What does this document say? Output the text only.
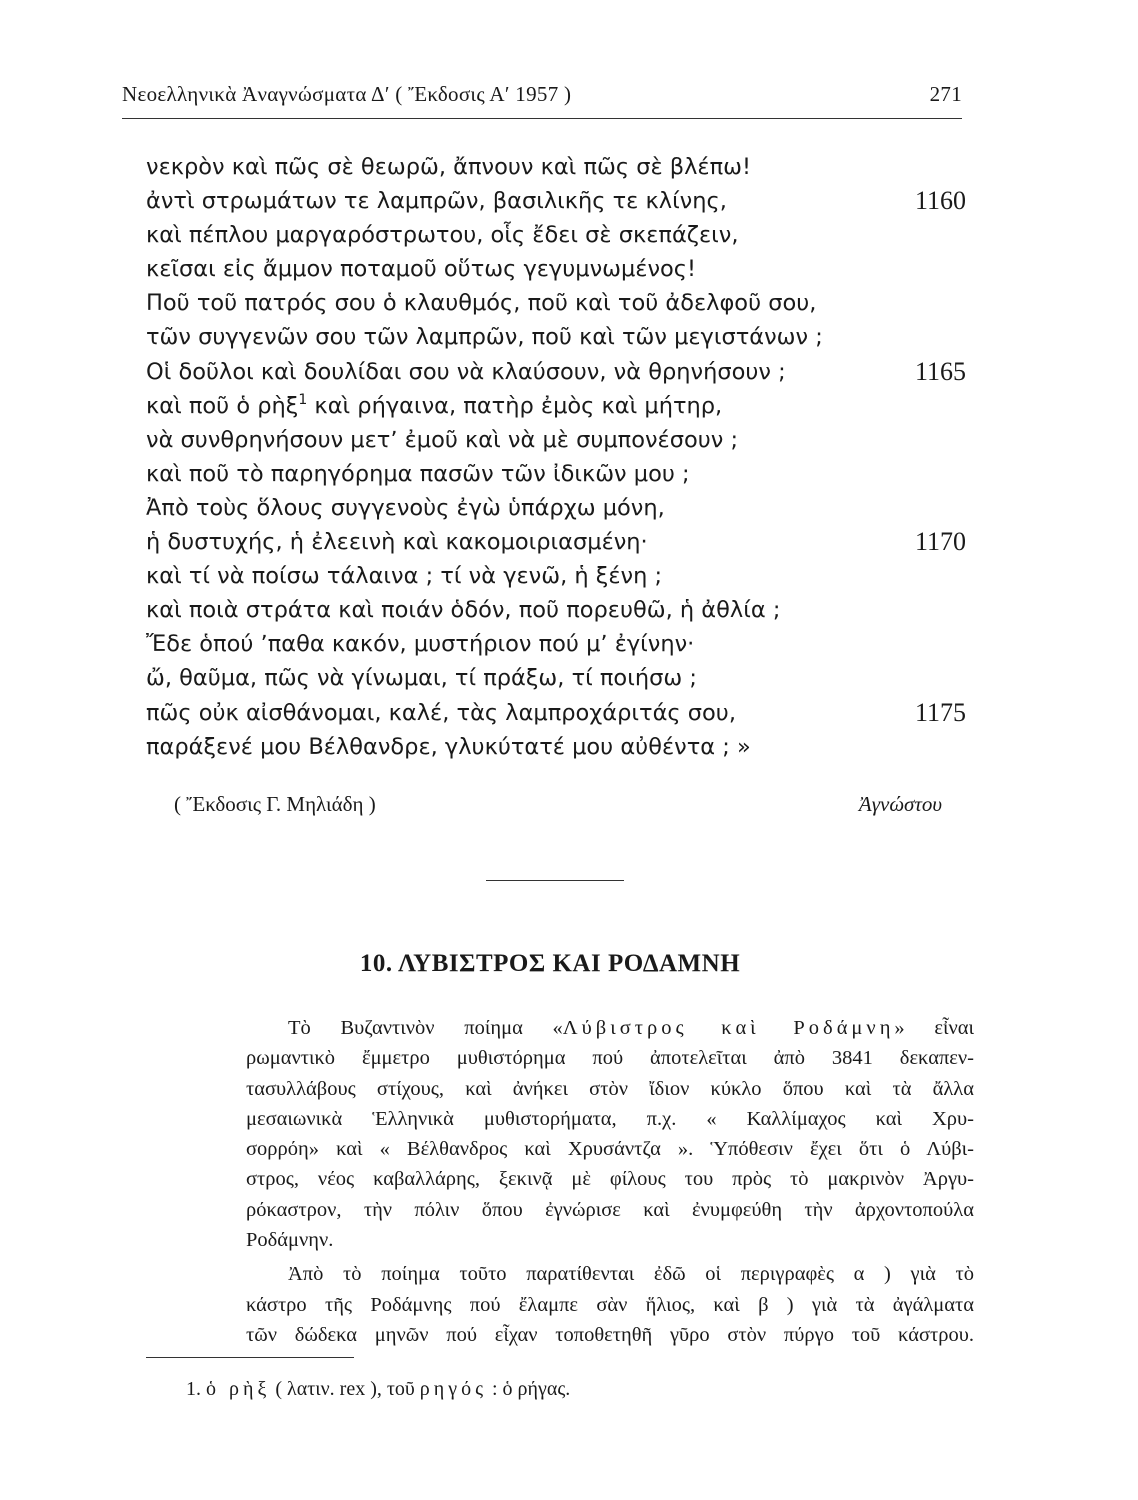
Νεοελληνικὰ Ἀναγνώσματα Δʹ ( Ἔκδοσις Αʹ 1957 )	271
νεκρὸν καὶ πῶς σὲ θεωρῶ, ἄπνουν καὶ πῶς σὲ βλέπω!
ἀντὶ στρωμάτων τε λαμπρῶν, βασιλικῆς τε κλίνης,	1160
καὶ πέπλου μαργαρόστρωτου, οἷς ἔδει σὲ σκεπάζειν,
κεῖσαι εἰς ἄμμον ποταμοῦ οὕτως γεγυμνωμένος!
Ποῦ τοῦ πατρός σου ὁ κλαυθμός, ποῦ καὶ τοῦ ἀδελφοῦ σου,
τῶν συγγενῶν σου τῶν λαμπρῶν, ποῦ καὶ τῶν μεγιστάνων ;
Οἱ δοῦλοι καὶ δουλίδαι σου νὰ κλαύσουν, νὰ θρηνήσουν ;	1165
καὶ ποῦ ὁ ρὴξ$^1$ καὶ ρήγαινα, πατὴρ ἐμὸς καὶ μήτηρ,
νὰ συνθρηνήσουν μετʼ ἐμοῦ καὶ νὰ μὲ συμπονέσουν ;
καὶ ποῦ τὸ παρηγόρημα πασῶν τῶν ἰδικῶν μου ;
Ἀπὸ τοὺς ὅλους συγγενοὺς ἐγὼ ὑπάρχω μόνη,
ἡ δυστυχής, ἡ ἐλεεινὴ καὶ κακομοιριασμένη·	1170
καὶ τί νὰ ποίσω τάλαινα ; τί νὰ γενῶ, ἡ ξένη ;
καὶ ποιὰ στράτα καὶ ποιάν ὁδόν, ποῦ πορευθῶ, ἡ ἀθλία ;
Ἔδε ὁπού ʼπαθα κακόν, μυστήριον πού μʼ ἐγίνην·
ὤ, θαῦμα, πῶς νὰ γίνωμαι, τί πράξω, τί ποιήσω ;
πῶς οὐκ αἰσθάνομαι, καλέ, τὰς λαμπροχάριτάς σου,	1175
παράξενέ μου Βέλθανδρε, γλυκύτατέ μου αὐθέντα ; »
( Ἔκδοσις Γ. Μηλιάδη )	Ἀγνώστου
10. ΛΥΒΙΣΤΡΟΣ ΚΑΙ ΡΟΔΑΜΝΗ
Τὸ Βυζαντινὸν ποίημα «Λύβιστρος καὶ Ροδάμνη» εἶναι
ρωμαντικὸ ἔμμετρο μυθιστόρημα πού ἀποτελεῖται ἀπὸ 3841 δεκαπεν-
τασυλλάβους στίχους, καὶ ἀνήκει στὸν ἴδιον κύκλο ὅπου καὶ τὰ ἄλλα
μεσαιωνικὰ Ἑλληνικὰ μυθιστορήματα, π.χ. « Καλλίμαχος καὶ Χρυ-
σορρόη» καὶ « Βέλθανδρος καὶ Χρυσάντζα ». Ὑπόθεσιν ἔχει ὅτι ὁ Λύβι-
στρος, νέος καβαλλάρης, ξεκινᾷ μὲ φίλους του πρὸς τὸ μακρινὸν Ἀργυ-
ρόκαστρον, τὴν πόλιν ὅπου ἐγνώρισε καὶ ἐνυμφεύθη τὴν ἀρχοντοπούλα
Ροδάμνην.
Ἀπὸ τὸ ποίημα τοῦτο παρατίθενται ἐδῶ οἱ περιγραφὲς α ) γιὰ τὸ
κάστρο τῆς Ροδάμνης πού ἔλαμπε σὰν ἥλιος, καὶ β ) γιὰ τὰ ἀγάλματα
τῶν δώδεκα μηνῶν πού εἶχαν τοποθετηθῆ γῦρο στὸν πύργο τοῦ κάστρου.
1. ὁ ρὴξ ( λατιν. rex ), τοῦ ρηγός : ὁ ρήγας.
